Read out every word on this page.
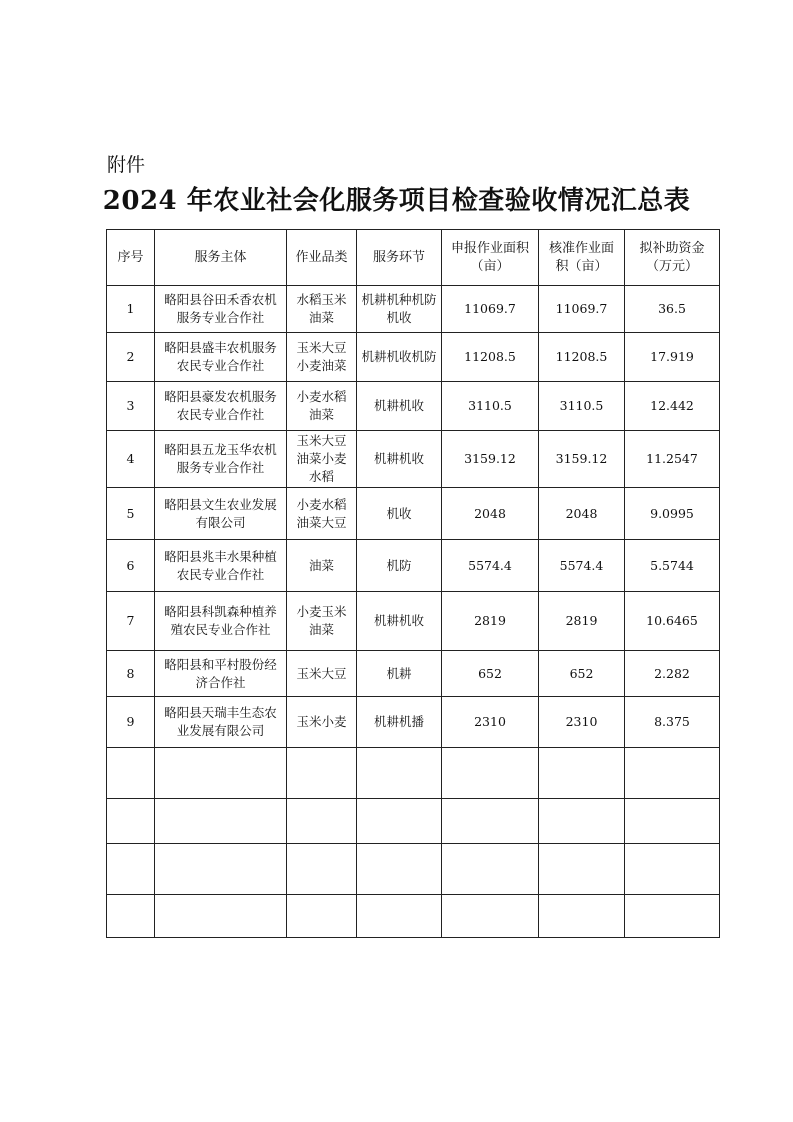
附件
2024 年农业社会化服务项目检查验收情况汇总表
序号	服务主体	作业品类	服务环节	申报作业面积（亩）	核准作业面积（亩）	拟补助资金（万元）
1	略阳县谷田禾香农机服务专业合作社	水稻玉米油菜	机耕机种机防机收	11069.7	11069.7	36.5
2	略阳县盛丰农机服务农民专业合作社	玉米大豆小麦油菜	机耕机收机防	11208.5	11208.5	17.919
3	略阳县豪发农机服务农民专业合作社	小麦水稻油菜	机耕机收	3110.5	3110.5	12.442
4	略阳县五龙玉华农机服务专业合作社	玉米大豆油菜小麦水稻	机耕机收	3159.12	3159.12	11.2547
5	略阳县文生农业发展有限公司	小麦水稻油菜大豆	机收	2048	2048	9.0995
6	略阳县兆丰水果种植农民专业合作社	油菜	机防	5574.4	5574.4	5.5744
7	略阳县科凯森种植养殖农民专业合作社	小麦玉米油菜	机耕机收	2819	2819	10.6465
8	略阳县和平村股份经济合作社	玉米大豆	机耕	652	652	2.282
9	略阳县天瑞丰生态农业发展有限公司	玉米小麦	机耕机播	2310	2310	8.375
